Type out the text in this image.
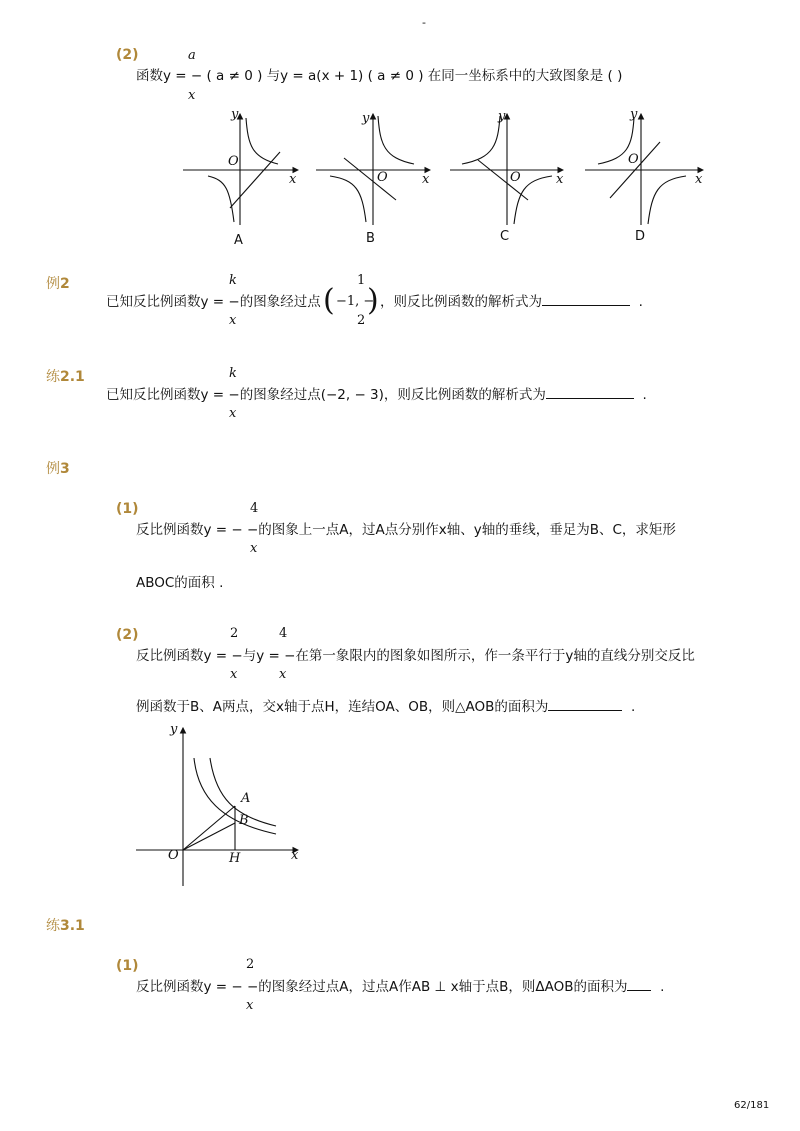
-
(2)	a
函数y = − ( a ≠ 0 ) 与y = a(x + 1) ( a ≠ 0 ) 在同一坐标系中的大致图象是 ( )
x
y
O
x
A
y
O	x
B
y
O	x
C
y
O
x
D
例2	k
已知反比例函数y = −的图象经过点
x
(
1
−1, −
2
) ，则反比例函数的解析式为	.
练2.1	k
已知反比例函数y = −的图象经过点(−2, − 3)，则反比例函数的解析式为	.
x
例3
(1)	4
反比例函数y = − −的图象上一点A，过A点分别作x轴、y轴的垂线，垂足为B、C，求矩形
x
ABOC的面积 .
(2)	2	4
反比例函数y = −与y = −在第一象限内的图象如图所示，作一条平行于y轴的直线分别交反比
x	x
例函数于B、A两点，交x轴于点H，连结OA、OB，则△AOB的面积为	.
y
x
O
A
B
H
练3.1
(1)	2
反比例函数y = − −的图象经过点A，过点A作AB ⊥ x轴于点B，则ΔAOB的面积为 .
x
62/181
